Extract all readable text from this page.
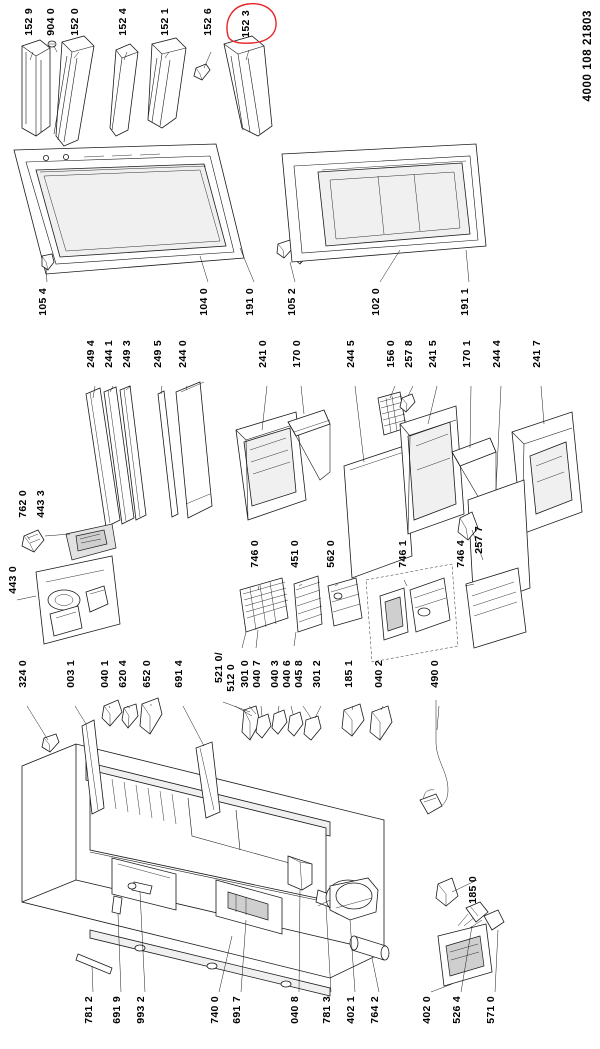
4000 108 21803
152 9 904 0 152 0	152 4	152 1	152 6 152 3
105 4	104 0	191 0	105 2	102 0	191 1
249 4 244 1 249 3 249 5 244 0	241 0 170 0	244 5	156 0 257 8 241 5 170 1 244 4	241 7
762 0 443 3
443 0
746 0	451 0 562 0	746 1	746 4
257 7
324 0	003 1 040 1 620 4 652 0 691 4	521 0/ 512 0 301 0 040 7 040 3 040 6 045 8 301 2 185 1 040 2	490 0
185 0
781 2 691 9 993 2	740 0 691 7	040 8 781 3 402 1 764 2	402 0 526 4 571 0
